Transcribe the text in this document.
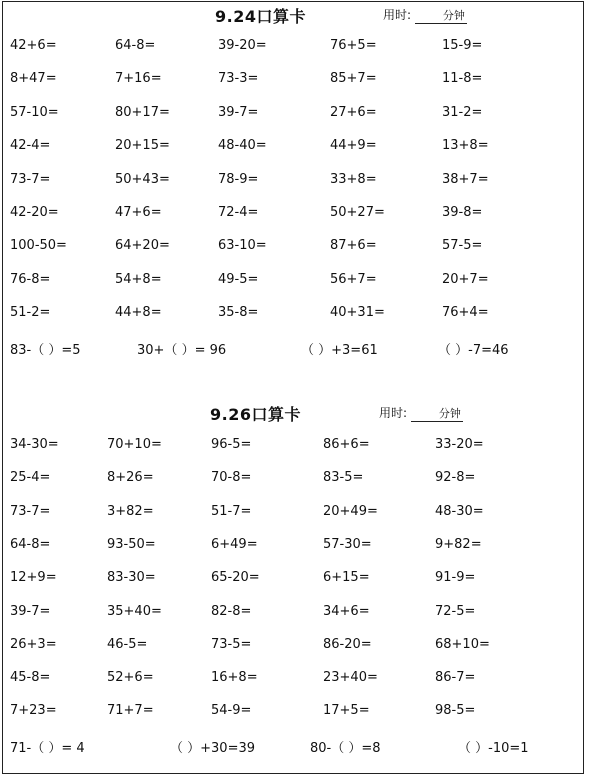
9.24口算卡	用时:	分钟
42+6=	64-8=	39-20=	76+5=	15-9=
8+47=	7+16=	73-3=	85+7=	11-8=
57-10=	80+17=	39-7=	27+6=	31-2=
42-4=	20+15=	48-40=	44+9=	13+8=
73-7=	50+43=	78-9=	33+8=	38+7=
42-20=	47+6=	72-4=	50+27=	39-8=
100-50=	64+20=	63-10=	87+6=	57-5=
76-8=	54+8=	49-5=	56+7=	20+7=
51-2=	44+8=	35-8=	40+31=	76+4=
83-（ ）=5	30+（ ）= 96	（ ）+3=61	（ ）-7=46
9.26口算卡	用时:	分钟
34-30=	70+10=	96-5=	86+6=	33-20=
25-4=	8+26=	70-8=	83-5=	92-8=
73-7=	3+82=	51-7=	20+49=	48-30=
64-8=	93-50=	6+49=	57-30=	9+82=
12+9=	83-30=	65-20=	6+15=	91-9=
39-7=	35+40=	82-8=	34+6=	72-5=
26+3=	46-5=	73-5=	86-20=	68+10=
45-8=	52+6=	16+8=	23+40=	86-7=
7+23=	71+7=	54-9=	17+5=	98-5=
71-（ ）= 4	（ ）+30=39	80-（ ）=8	（ ）-10=1
